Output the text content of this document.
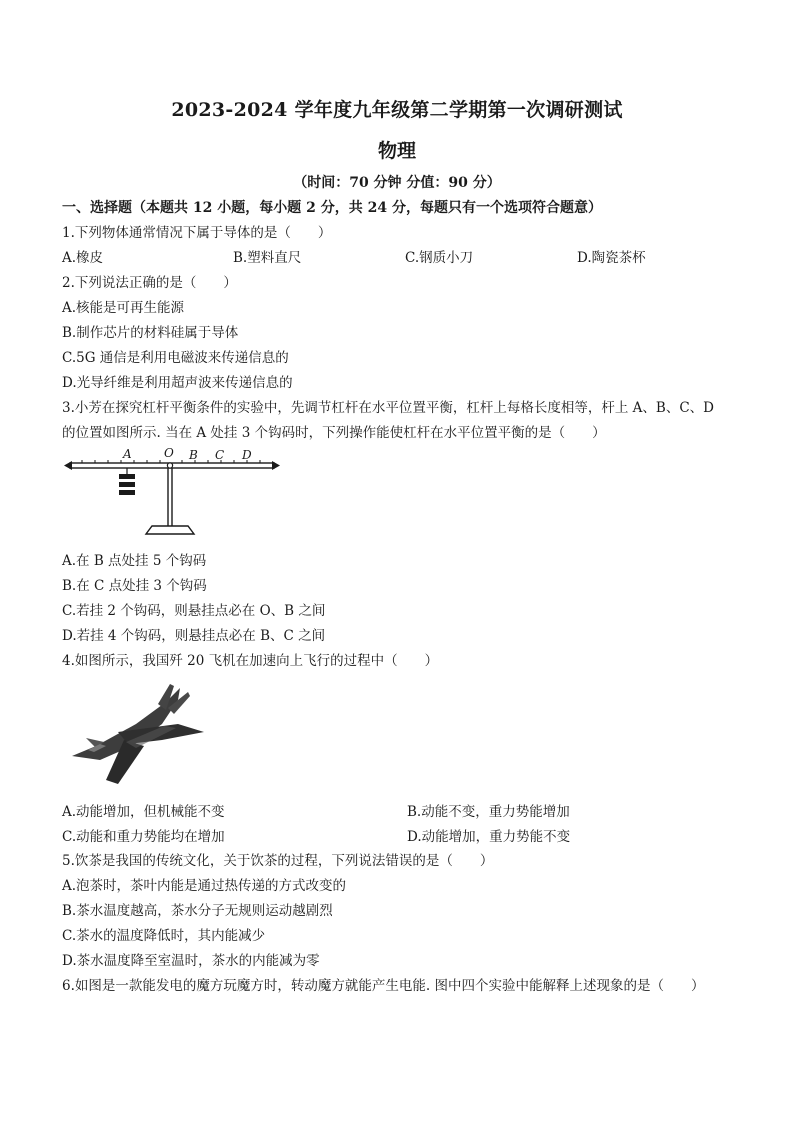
2023-2024 学年度九年级第二学期第一次调研测试
物理
（时间：70 分钟 分值：90 分）
一、选择题（本题共 12 小题，每小题 2 分，共 24 分，每题只有一个选项符合题意）
1.下列物体通常情况下属于导体的是（　　）
A.橡皮	B.塑料直尺	C.钢质小刀	D.陶瓷茶杯
2.下列说法正确的是（　　）
A.核能是可再生能源
B.制作芯片的材料硅属于导体
C.5G 通信是利用电磁波来传递信息的
D.光导纤维是利用超声波来传递信息的
3.小芳在探究杠杆平衡条件的实验中，先调节杠杆在水平位置平衡，杠杆上每格长度相等，杆上 A、B、C、D
的位置如图所示. 当在 A 处挂 3 个钩码时，下列操作能使杠杆在水平位置平衡的是（　　）
A	O B C D
A.在 B 点处挂 5 个钩码
B.在 C 点处挂 3 个钩码
C.若挂 2 个钩码，则悬挂点必在 O、B 之间
D.若挂 4 个钩码，则悬挂点必在 B、C 之间
4.如图所示，我国歼 20 飞机在加速向上飞行的过程中（　　）
A.动能增加，但机械能不变	B.动能不变，重力势能增加
C.动能和重力势能均在增加	D.动能增加，重力势能不变
5.饮茶是我国的传统文化，关于饮茶的过程，下列说法错误的是（　　）
A.泡茶时，茶叶内能是通过热传递的方式改变的
B.茶水温度越高，茶水分子无规则运动越剧烈
C.茶水的温度降低时，其内能减少
D.茶水温度降至室温时，茶水的内能减为零
6.如图是一款能发电的魔方玩魔方时，转动魔方就能产生电能. 图中四个实验中能解释上述现象的是（　　）
